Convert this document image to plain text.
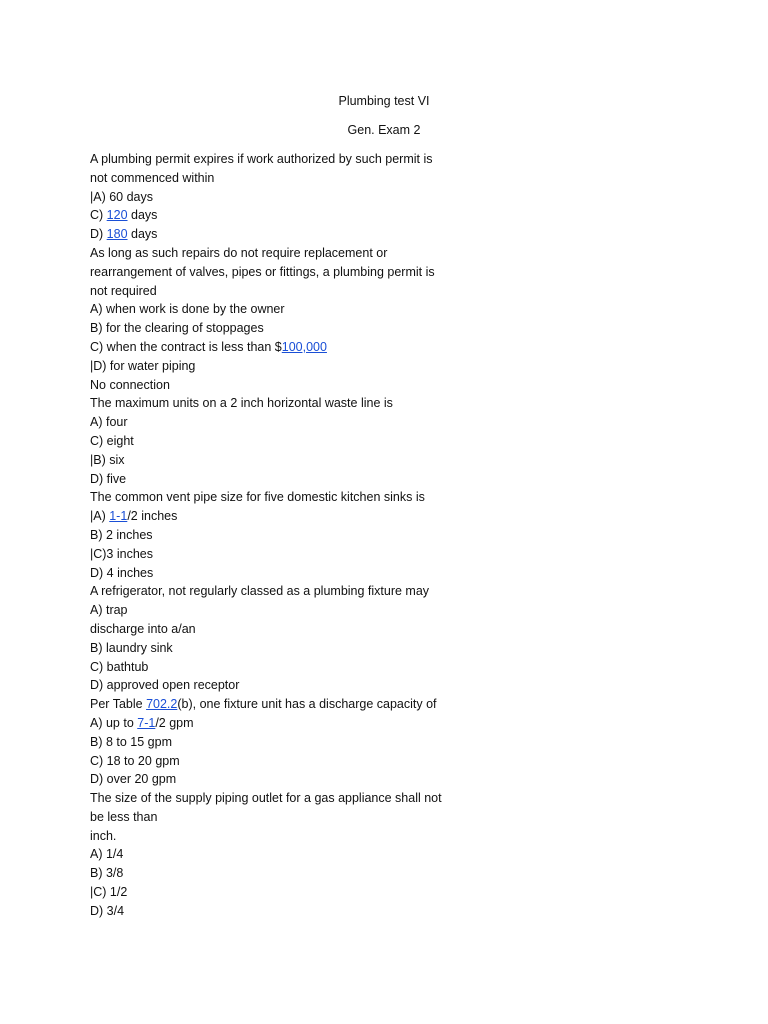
Plumbing test VI
Gen. Exam 2
A plumbing permit expires if work authorized by such permit is
not commenced within
|A) 60 days
C) 120 days
D) 180 days
As long as such repairs do not require replacement or
rearrangement of valves, pipes or fittings, a plumbing permit is
not required
A) when work is done by the owner
B) for the clearing of stoppages
C) when the contract is less than $100,000
|D) for water piping
No connection
The maximum units on a 2 inch horizontal waste line is
A) four
C) eight
|B) six
D) five
The common vent pipe size for five domestic kitchen sinks is
|A) 1-1/2 inches
B) 2 inches
|C)3 inches
D) 4 inches
A refrigerator, not regularly classed as a plumbing fixture may
A) trap
discharge into a/an
B) laundry sink
C) bathtub
D) approved open receptor
Per Table 702.2(b), one fixture unit has a discharge capacity of
A) up to 7-1/2 gpm
B) 8 to 15 gpm
C) 18 to 20 gpm
D) over 20 gpm
The size of the supply piping outlet for a gas appliance shall not
be less than
inch.
A) 1/4
B) 3/8
|C) 1/2
D) 3/4
